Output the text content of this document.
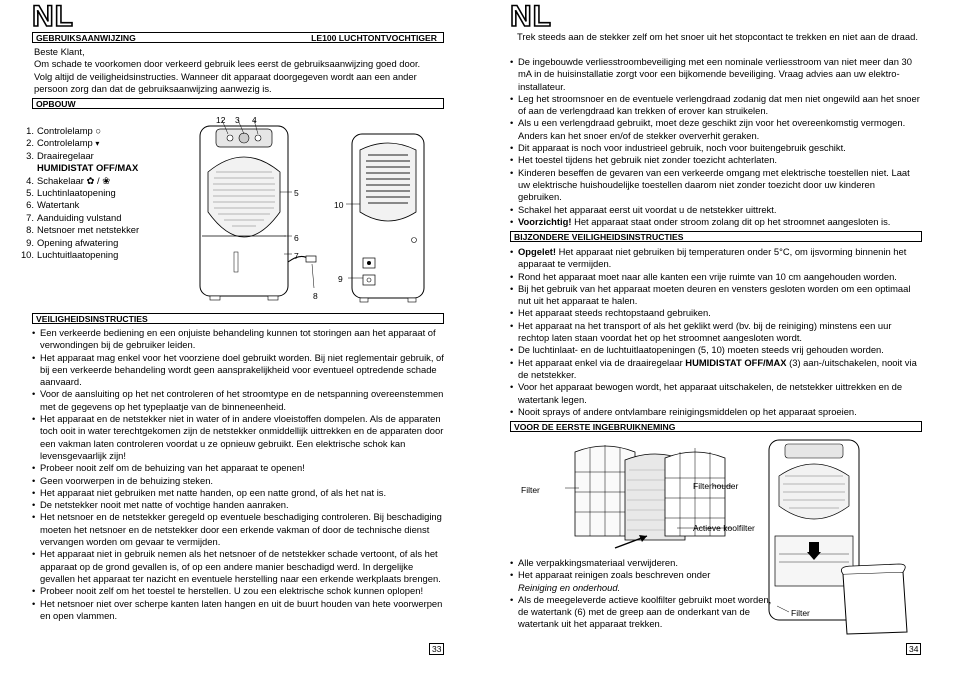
NL
GEBRUIKSAANWIJZING	LE100 LUCHTONTVOCHTIGER
Beste Klant,
Om schade te voorkomen door verkeerd gebruik lees eerst de gebruiksaanwijzing goed door.
Volg altijd de veiligheidsinstructies. Wanneer dit apparaat doorgegeven wordt aan een ander
persoon zorg dan dat de gebruiksaanwijzing aanwezig is.
OPBOUW
1. Controlelamp ○
2. Controlelamp ▾
3. Draairegelaar
HUMIDISTAT OFF/MAX
4. Schakelaar ✿ / ❀
5. Luchtinlaatopening
6. Watertank
7. Aanduiding vulstand
8. Netsnoer met netstekker
9. Opening afwatering
10. Luchtuitlaatopening
12 3 4
5
6
7
8
9
10
VEILIGHEIDSINSTRUCTIES
• Een verkeerde bediening en een onjuiste behandeling kunnen tot storingen aan het apparaat of verwondingen bij de gebruiker leiden.
• Het apparaat mag enkel voor het voorziene doel gebruikt worden. Bij niet reglementair gebruik, of bij een verkeerde behandeling wordt geen aansprakelijkheid voor eventueel optredende schade aanvaard.
• Voor de aansluiting op het net controleren of het stroomtype en de netspanning overeenstemmen met de gegevens op het typeplaatje van de binneneenheid.
• Het apparaat en de netstekker niet in water of in andere vloeistoffen dompelen. Als de apparaten toch ooit in water terechtgekomen zijn de netstekker onmiddellijk uittrekken en de apparaten door een vakman laten controleren voordat u ze opnieuw gebruikt. Een elektrische schok kan levensgevaarlijk zijn!
• Probeer nooit zelf om de behuizing van het apparaat te openen!
• Geen voorwerpen in de behuizing steken.
• Het apparaat niet gebruiken met natte handen, op een natte grond, of als het nat is.
• De netstekker nooit met natte of vochtige handen aanraken.
• Het netsnoer en de netstekker geregeld op eventuele beschadiging controleren. Bij beschadiging moeten het netsnoer en de netstekker door een erkende vakman of door de technische dienst vervangen worden om gevaar te vermijden.
• Het apparaat niet in gebruik nemen als het netsnoer of de netstekker schade vertoont, of als het apparaat op de grond gevallen is, of op een andere manier beschadigd werd. In dergelijke gevallen het apparaat ter nazicht en eventuele herstelling naar een erkende werkplaats brengen.
• Probeer nooit zelf om het toestel te herstellen. U zou een elektrische schok kunnen oplopen!
• Het netsnoer niet over scherpe kanten laten hangen en uit de buurt houden van hete voorwerpen en open vlammen.
33
NL
Trek steeds aan de stekker zelf om het snoer uit het stopcontact te trekken en niet aan de draad.
• De ingebouwde verliesstroombeveiliging met een nominale verliesstroom van niet meer dan 30 mA in de huisinstallatie zorgt voor een bijkomende beveiliging. Vraag advies aan uw elektro-installateur.
• Leg het stroomsnoer en de eventuele verlengdraad zodanig dat men niet ongewild aan het snoer of aan de verlengdraad kan trekken of erover kan struikelen.
• Als u een verlengdraad gebruikt, moet deze geschikt zijn voor het overeenkomstig vermogen. Anders kan het snoer en/of de stekker oververhit geraken.
• Dit apparaat is noch voor industrieel gebruik, noch voor buitengebruik geschikt.
• Het toestel tijdens het gebruik niet zonder toezicht achterlaten.
• Kinderen beseffen de gevaren van een verkeerde omgang met elektrische toestellen niet. Laat uw elektrische huishoudelijke toestellen daarom niet zonder toezicht door uw kinderen gebruiken.
• Schakel het apparaat eerst uit voordat u de netstekker uittrekt.
• Voorzichtig! Het apparaat staat onder stroom zolang dit op het stroomnet aangesloten is.
BIJZONDERE VEILIGHEIDSINSTRUCTIES
• Opgelet! Het apparaat niet gebruiken bij temperaturen onder 5°C, om ijsvorming binnenin het apparaat te vermijden.
• Rond het apparaat moet naar alle kanten een vrije ruimte van 10 cm aangehouden worden.
• Bij het gebruik van het apparaat moeten deuren en vensters gesloten worden om een optimaal nut uit het apparaat te halen.
• Het apparaat steeds rechtopstaand gebruiken.
• Het apparaat na het transport of als het geklikt werd (bv. bij de reiniging) minstens een uur rechtop laten staan voordat het op het stroomnet aangesloten wordt.
• De luchtinlaat- en de luchtuitlaatopeningen (5, 10) moeten steeds vrij gehouden worden.
• Het apparaat enkel via de draairegelaar HUMIDISTAT OFF/MAX (3) aan-/uitschakelen, nooit via de netstekker.
• Voor het apparaat bewogen wordt, het apparaat uitschakelen, de netstekker uittrekken en de watertank legen.
• Nooit sprays of andere ontvlambare reinigingsmiddelen op het apparaat sproeien.
VOOR DE EERSTE INGEBRUIKNEMING
Filter	Filterhouder
Actieve koolfilter
Filter
• Alle verpakkingsmateriaal verwijderen.
• Het apparaat reinigen zoals beschreven onder
Reiniging en onderhoud.
• Als de meegeleverde actieve koolfilter gebruikt moet worden, de watertank (6) met de greep aan de onderkant van de watertank uit het apparaat trekken.
34
